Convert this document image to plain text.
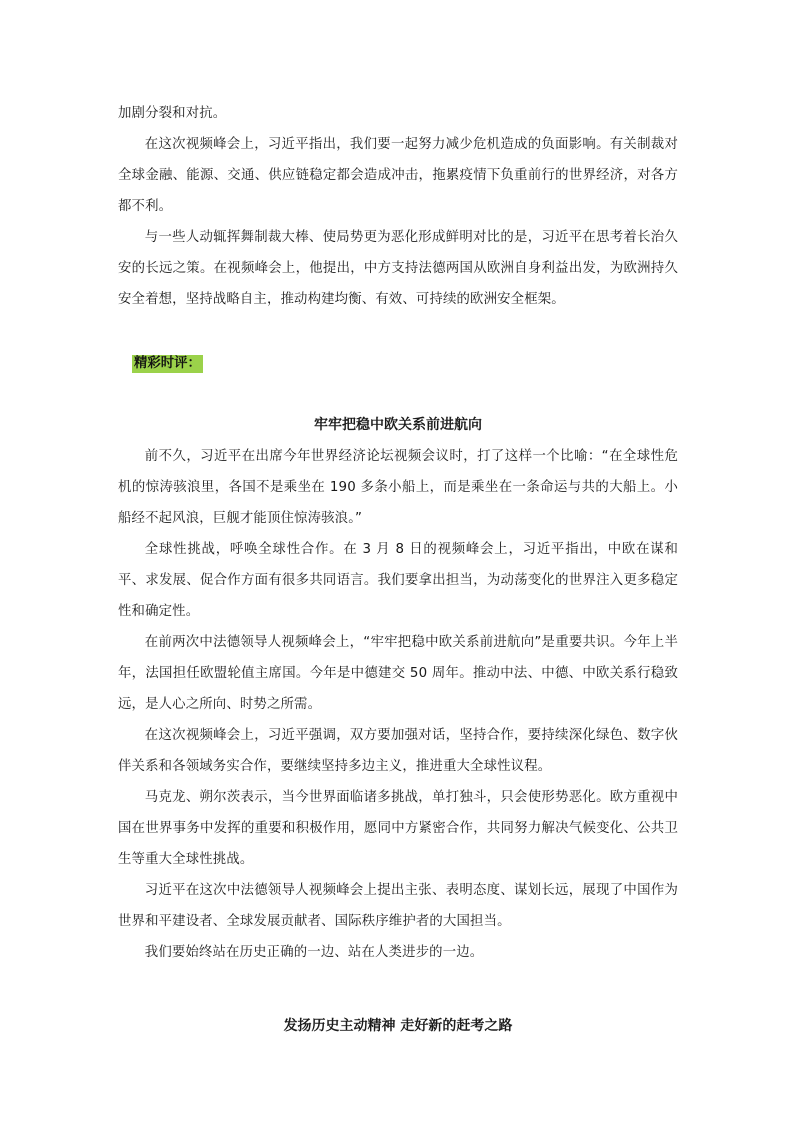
加剧分裂和对抗。

在这次视频峰会上，习近平指出，我们要一起努力减少危机造成的负面影响。有关制裁对全球金融、能源、交通、供应链稳定都会造成冲击，拖累疫情下负重前行的世界经济，对各方都不利。

与一些人动辄挥舞制裁大棒、使局势更为恶化形成鲜明对比的是，习近平在思考着长治久安的长远之策。在视频峰会上，他提出，中方支持法德两国从欧洲自身利益出发，为欧洲持久安全着想，坚持战略自主，推动构建均衡、有效、可持续的欧洲安全框架。

精彩时评：
牢牢把稳中欧关系前进航向

前不久，习近平在出席今年世界经济论坛视频会议时，打了这样一个比喻：“在全球性危机的惊涛骇浪里，各国不是乘坐在 190 多条小船上，而是乘坐在一条命运与共的大船上。小船经不起风浪，巨舰才能顶住惊涛骇浪。”

全球性挑战，呼唤全球性合作。在 3 月 8 日的视频峰会上，习近平指出，中欧在谋和平、求发展、促合作方面有很多共同语言。我们要拿出担当，为动荡变化的世界注入更多稳定性和确定性。

在前两次中法德领导人视频峰会上，“牢牢把稳中欧关系前进航向”是重要共识。今年上半年，法国担任欧盟轮值主席国。今年是中德建交 50 周年。推动中法、中德、中欧关系行稳致远，是人心之所向、时势之所需。

在这次视频峰会上，习近平强调，双方要加强对话，坚持合作，要持续深化绿色、数字伙伴关系和各领域务实合作，要继续坚持多边主义，推进重大全球性议程。

马克龙、朔尔茨表示，当今世界面临诸多挑战，单打独斗，只会使形势恶化。欧方重视中国在世界事务中发挥的重要和积极作用，愿同中方紧密合作，共同努力解决气候变化、公共卫生等重大全球性挑战。

习近平在这次中法德领导人视频峰会上提出主张、表明态度、谋划长远，展现了中国作为世界和平建设者、全球发展贡献者、国际秩序维护者的大国担当。

我们要始终站在历史正确的一边、站在人类进步的一边。

发扬历史主动精神 走好新的赶考之路
